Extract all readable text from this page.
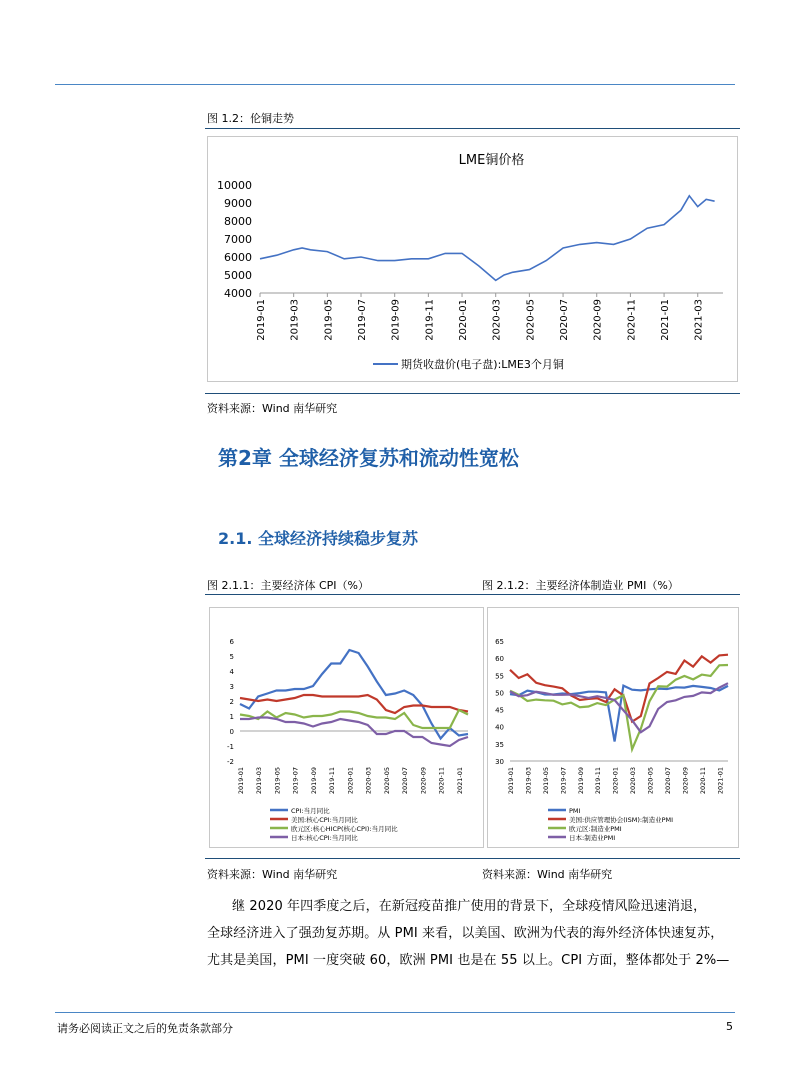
图 1.2：伦铜走势
LME铜价格
4000
5000
6000
7000
8000
9000
10000
2019-01 2019-03 2019-05 2019-07 2019-09 2019-11 2020-01 2020-03 2020-05 2020-07 2020-09 2020-11 2021-01 2021-03
期货收盘价(电子盘):LME3个月铜
资料来源：Wind 南华研究
第2章 全球经济复苏和流动性宽松
2.1. 全球经济持续稳步复苏
图 2.1.1：主要经济体 CPI（%）	图 2.1.2：主要经济体制造业 PMI（%）
-2
-1
0
1
2
3
4
5
6
2019-01 2019-03 2019-05 2019-07 2019-09 2019-11 2020-01 2020-03 2020-05 2020-07 2020-09 2020-11 2021-01
CPI:当月同比
美国:核心CPI:当月同比
欧元区:核心HICP(核心CPI):当月同比
日本:核心CPI:当月同比
30
35
40
45
50
55
60
65
2019-01 2019-03 2019-05 2019-07 2019-09 2019-11 2020-01 2020-03 2020-05 2020-07 2020-09 2020-11 2021-01
PMI
美国:供应管理协会(ISM):制造业PMI
欧元区:制造业PMI
日本:制造业PMI
资料来源：Wind 南华研究	资料来源：Wind 南华研究
继 2020 年四季度之后，在新冠疫苗推广使用的背景下，全球疫情风险迅速消退，
全球经济进入了强劲复苏期。从 PMI 来看，以美国、欧洲为代表的海外经济体快速复苏，
尤其是美国，PMI 一度突破 60，欧洲 PMI 也是在 55 以上。CPI 方面，整体都处于 2%—
请务必阅读正文之后的免责条款部分	5
